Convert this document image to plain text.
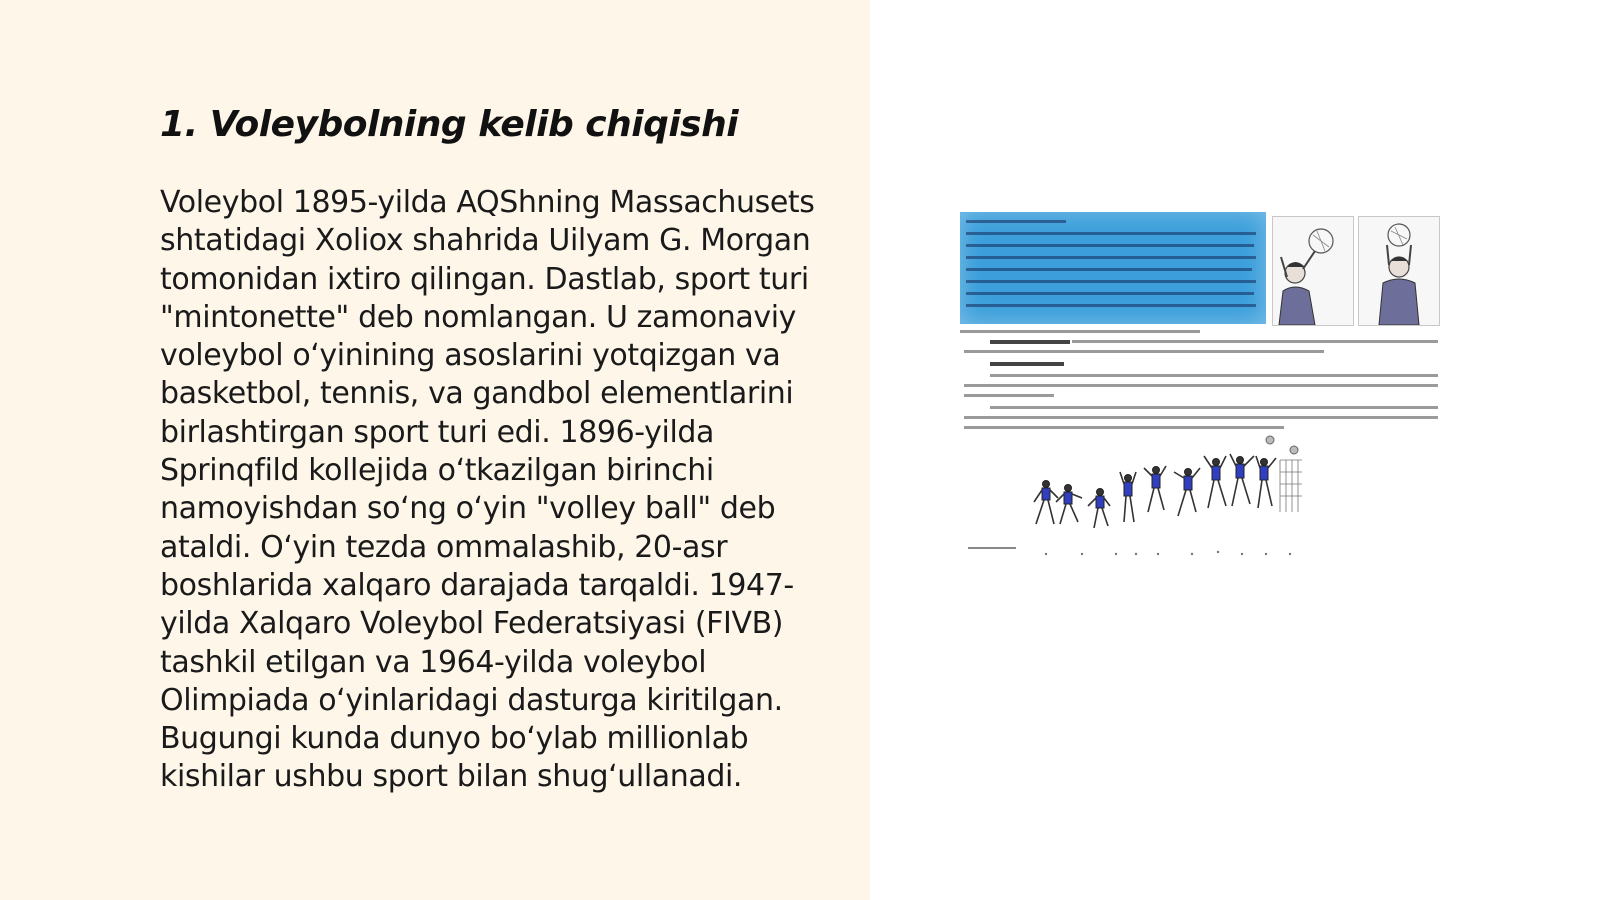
1. Voleybolning kelib chiqishi

Voleybol 1895-yilda AQShning Massachusets shtatidagi Xoliox shahrida Uilyam G. Morgan tomonidan ixtiro qilingan. Dastlab, sport turi "mintonette" deb nomlangan. U zamonaviy voleybol o‘yinining asoslarini yotqizgan va basketbol, tennis, va gandbol elementlarini birlashtirgan sport turi edi. 1896-yilda Sprinqfild kollejida o‘tkazilgan birinchi namoyishdan so‘ng o‘yin "volley ball" deb ataldi. O‘yin tezda ommalashib, 20-asr boshlarida xalqaro darajada tarqaldi. 1947-yilda Xalqaro Voleybol Federatsiyasi (FIVB) tashkil etilgan va 1964-yilda voleybol Olimpiada o‘yinlaridagi dasturga kiritilgan. Bugungi kunda dunyo bo‘ylab millionlab kishilar ushbu sport bilan shug‘ullanadi.
